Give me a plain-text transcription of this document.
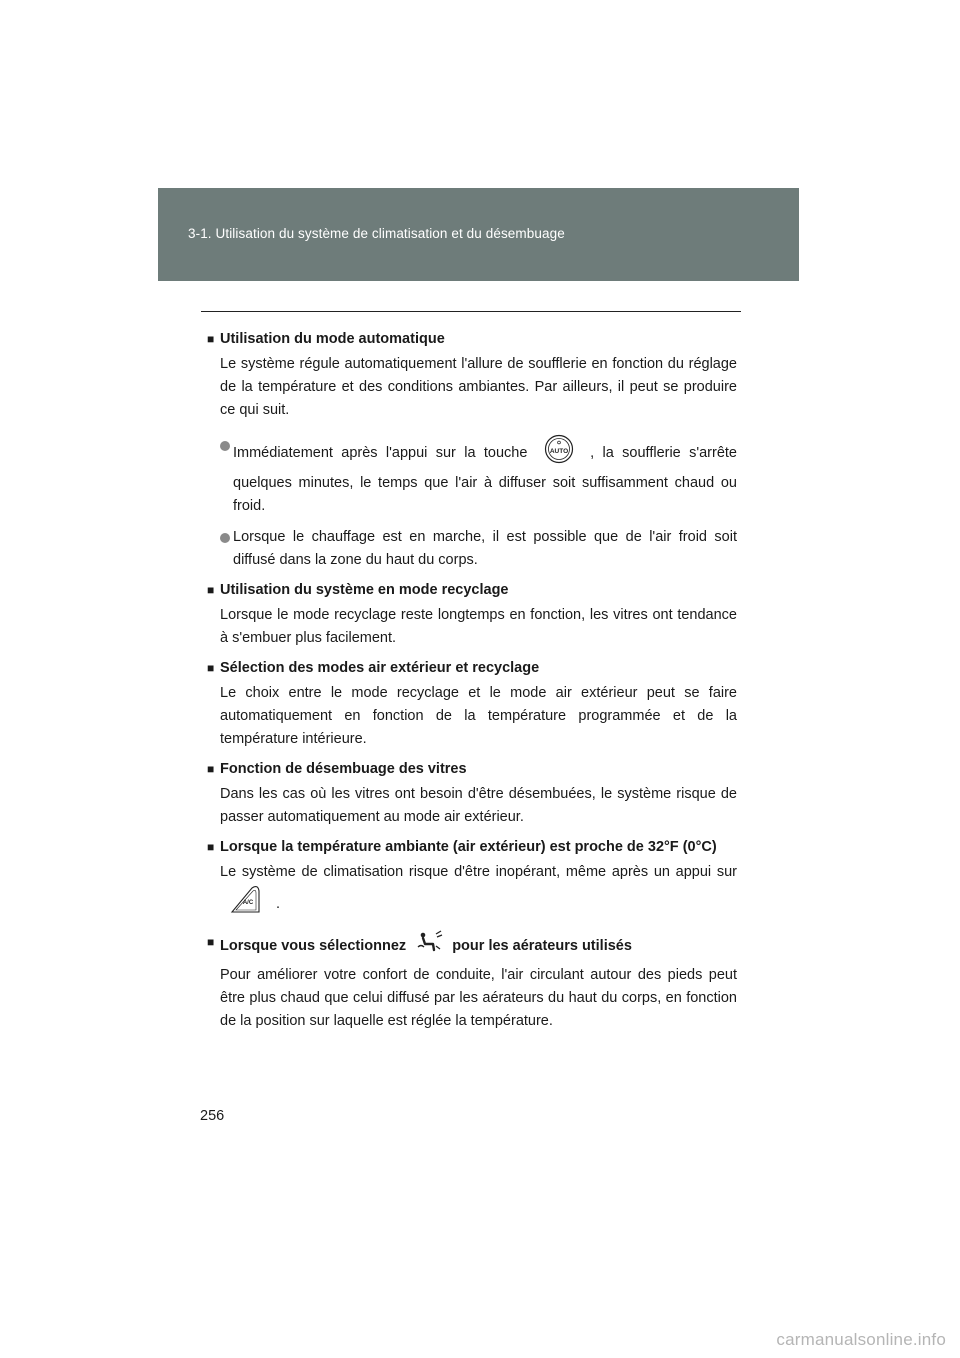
3-1. Utilisation du système de climatisation et du désembuage
■ Utilisation du mode automatique
Le système régule automatiquement l'allure de soufflerie en fonction du réglage de la température et des conditions ambiantes. Par ailleurs, il peut se produire ce qui suit.
Immédiatement après l'appui sur la touche	AUTO , la soufflerie s'arrête quelques minutes, le temps que l'air à diffuser soit suffisamment chaud ou froid.
Lorsque le chauffage est en marche, il est possible que de l'air froid soit diffusé dans la zone du haut du corps.
■ Utilisation du système en mode recyclage
Lorsque le mode recyclage reste longtemps en fonction, les vitres ont tendance à s'embuer plus facilement.
■ Sélection des modes air extérieur et recyclage
Le choix entre le mode recyclage et le mode air extérieur peut se faire automatiquement en fonction de la température programmée et de la température intérieure.
■ Fonction de désembuage des vitres
Dans les cas où les vitres ont besoin d'être désembuées, le système risque de passer automatiquement au mode air extérieur.
■ Lorsque la température ambiante (air extérieur) est proche de 32°F (0°C)
Le système de climatisation risque d'être inopérant, même après un appui sur
A/C .
■ Lorsque vous sélectionnez	pour les aérateurs utilisés
Pour améliorer votre confort de conduite, l'air circulant autour des pieds peut être plus chaud que celui diffusé par les aérateurs du haut du corps, en fonction de la position sur laquelle est réglée la température.
256
carmanualsonline.info
